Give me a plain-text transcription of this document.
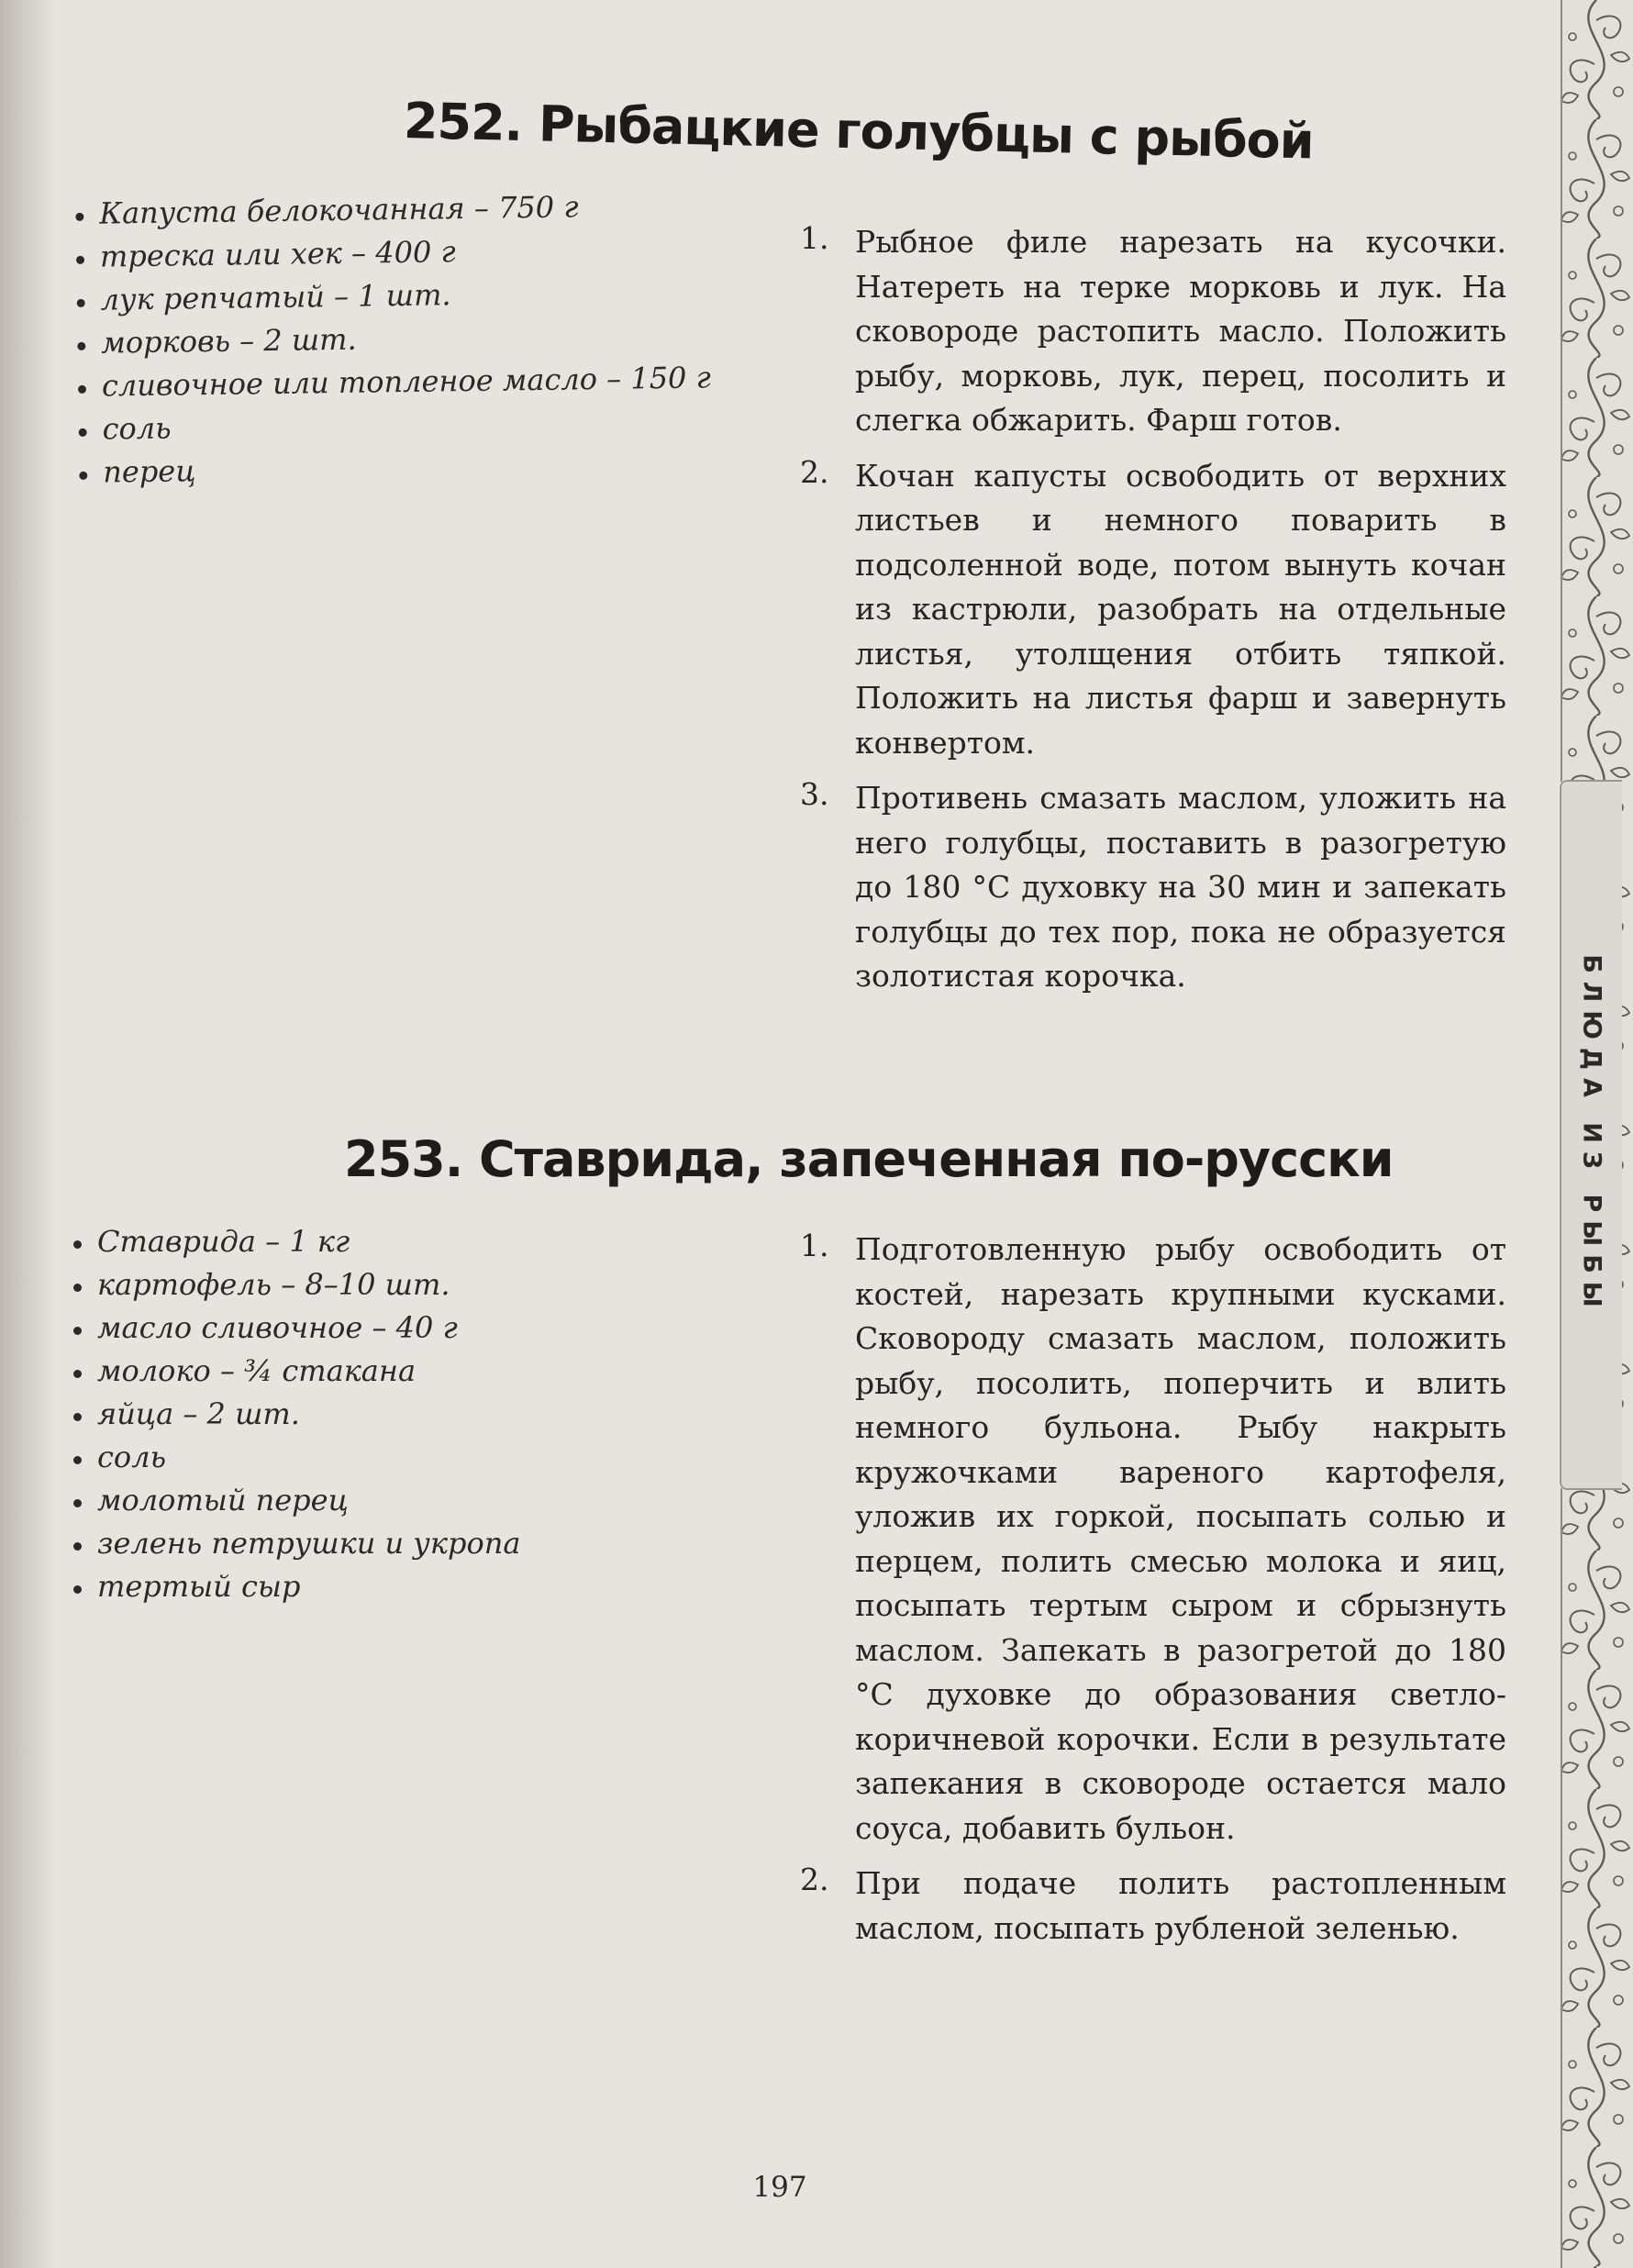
252. Рыбацкие голубцы с рыбой
Капуста белокочанная – 750 г
треска или хек – 400 г
лук репчатый – 1 шт.
морковь – 2 шт.
сливочное или топленое масло – 150 г
соль
перец
1. Рыбное филе нарезать на кусочки. Натереть на терке морковь и лук. На сковороде растопить масло. Положить рыбу, морковь, лук, перец, посолить и слегка обжарить. Фарш готов.
2. Кочан капусты освободить от верхних листьев и немного поварить в подсоленной воде, потом вынуть кочан из кастрюли, разобрать на отдельные листья, утолщения отбить тяпкой. Положить на листья фарш и завернуть конвертом.
3. Противень смазать маслом, уложить на него голубцы, поставить в разогретую до 180 °С духовку на 30 мин и запекать голубцы до тех пор, пока не образуется золотистая корочка.
253. Ставрида, запеченная по-русски
Ставрида – 1 кг
картофель – 8–10 шт.
масло сливочное – 40 г
молоко – ¾ стакана
яйца – 2 шт.
соль
молотый перец
зелень петрушки и укропа
тертый сыр
1. Подготовленную рыбу освободить от костей, нарезать крупными кусками. Сковороду смазать маслом, положить рыбу, посолить, поперчить и влить немного бульона. Рыбу накрыть кружочками вареного картофеля, уложив их горкой, посыпать солью и перцем, полить смесью молока и яиц, посыпать тертым сыром и сбрызнуть маслом. Запекать в разогретой до 180 °С духовке до образования светло-коричневой корочки. Если в результате запекания в сковороде остается мало соуса, добавить бульон.
2. При подаче полить растопленным маслом, посыпать рубленой зеленью.
197
БЛЮДА ИЗ РЫБЫ
